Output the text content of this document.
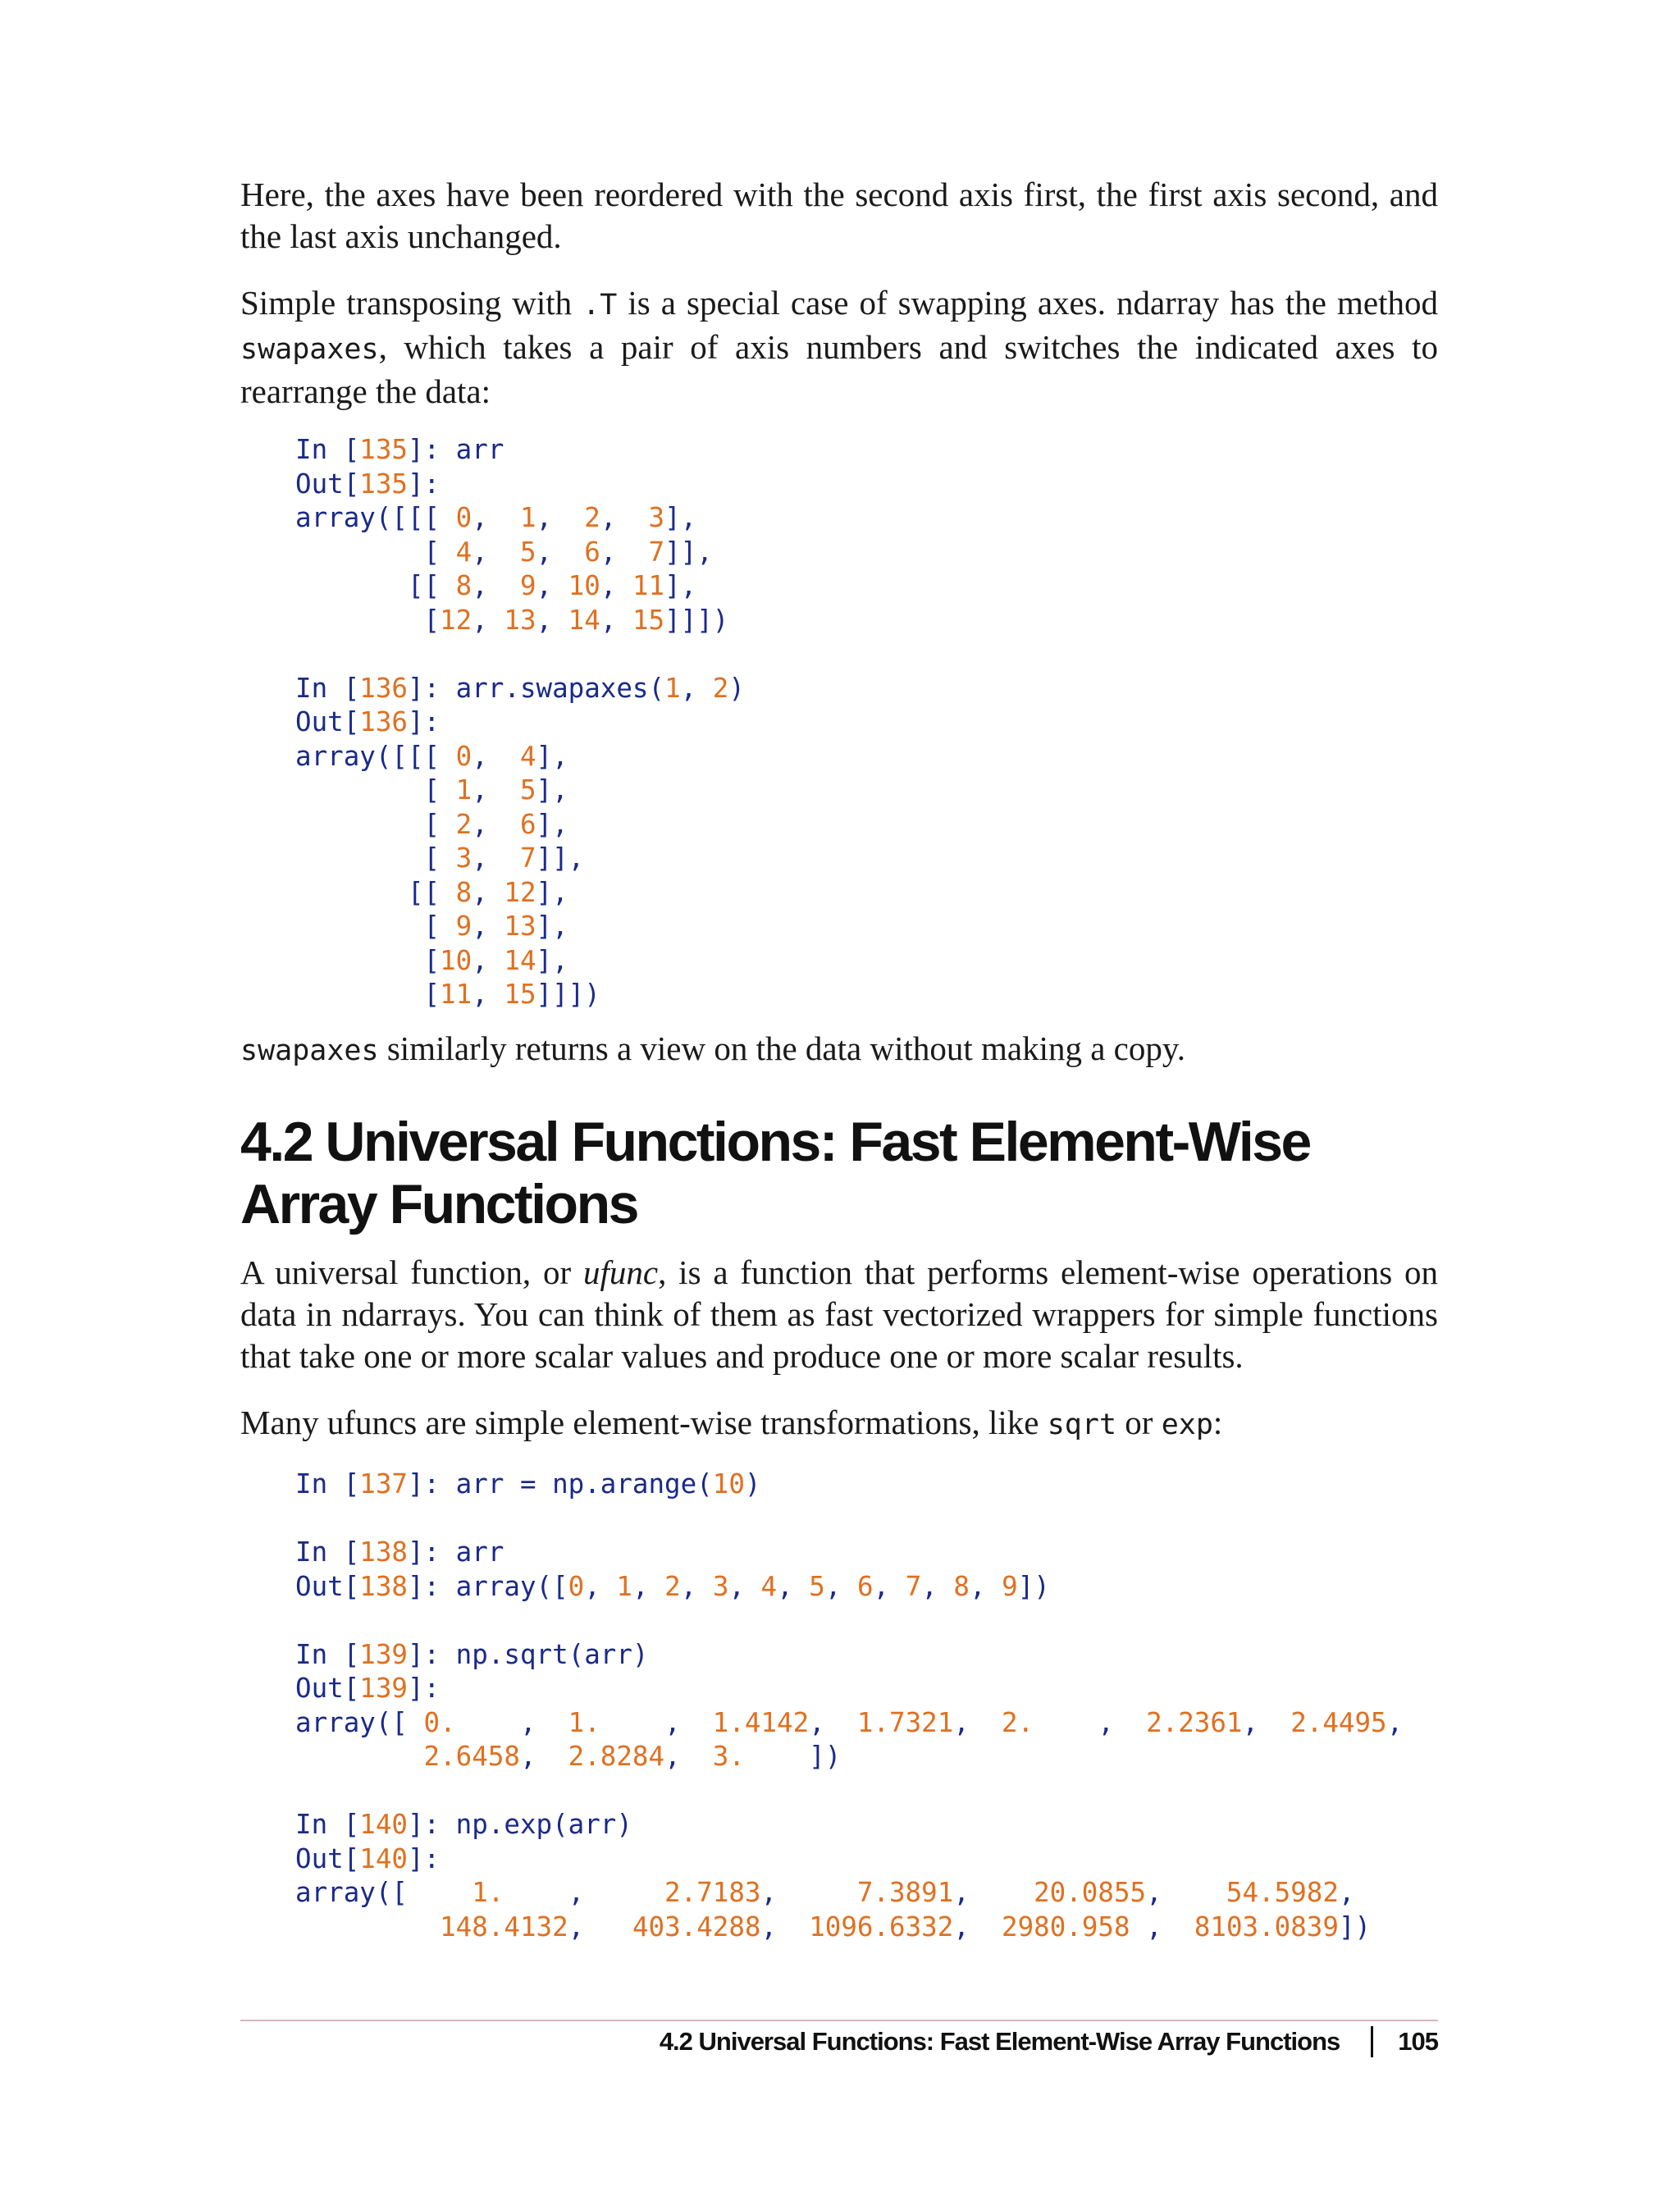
Here, the axes have been reordered with the second axis first, the first axis second, and the last axis unchanged.

Simple transposing with .T is a special case of swapping axes. ndarray has the method swapaxes, which takes a pair of axis numbers and switches the indicated axes to rearrange the data:

In [135]: arr
Out[135]:
array([[[ 0,  1,  2,  3],
[ 4,  5,  6,  7]],
[[ 8,  9, 10, 11],
[12, 13, 14, 15]]])

In [136]: arr.swapaxes(1, 2)
Out[136]:
array([[[ 0,  4],
[ 1,  5],
[ 2,  6],
[ 3,  7]],
[[ 8, 12],
[ 9, 13],
[10, 14],
[11, 15]]])

swapaxes similarly returns a view on the data without making a copy.

4.2 Universal Functions: Fast Element-Wise Array Functions

A universal function, or ufunc, is a function that performs element-wise operations on data in ndarrays. You can think of them as fast vectorized wrappers for simple functions that take one or more scalar values and produce one or more scalar results.

Many ufuncs are simple element-wise transformations, like sqrt or exp:

In [137]: arr = np.arange(10)

In [138]: arr
Out[138]: array([0, 1, 2, 3, 4, 5, 6, 7, 8, 9])

In [139]: np.sqrt(arr)
Out[139]:
array([ 0.    ,  1.    ,  1.4142,  1.7321,  2.    ,  2.2361,  2.4495,
2.6458,  2.8284,  3.    ])

In [140]: np.exp(arr)
Out[140]:
array([    1.    ,     2.7183,     7.3891,    20.0855,    54.5982,
148.4132,   403.4288,  1096.6332,  2980.958 ,  8103.0839])
4.2 Universal Functions: Fast Element-Wise Array Functions 105
